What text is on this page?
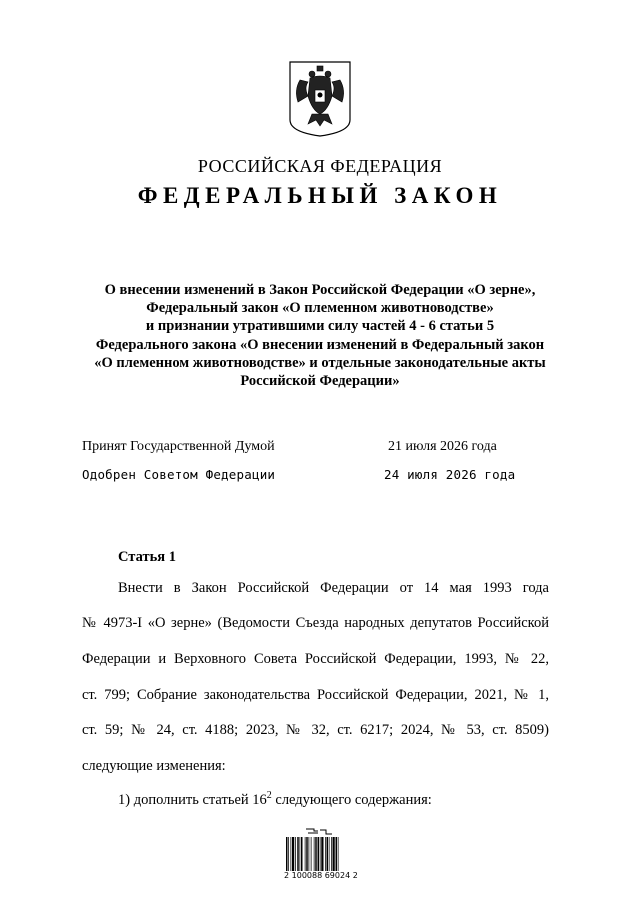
РОССИЙСКАЯ ФЕДЕРАЦИЯ
ФЕДЕРАЛЬНЫЙ ЗАКОН
О внесении изменений в Закон Российской Федерации «О зерне»,
Федеральный закон «О племенном животноводстве»
и признании утратившими силу частей 4 - 6 статьи 5
Федерального закона «О внесении изменений в Федеральный закон
«О племенном животноводстве» и отдельные законодательные акты
Российской Федерации»
Принят Государственной Думой	21 июля 2026 года
Одобрен Советом Федерации	24 июля 2026 года
Статья 1
Внести в Закон Российской Федерации от 14 мая 1993 года
№ 4973-I «О зерне» (Ведомости Съезда народных депутатов Российской
Федерации и Верховного Совета Российской Федерации, 1993, № 22,
ст. 799; Собрание законодательства Российской Федерации, 2021, № 1,
ст. 59; № 24, ст. 4188; 2023, № 32, ст. 6217; 2024, № 53, ст. 8509)
следующие изменения:
1) дополнить статьей $16^2$ следующего содержания:
2 100088 69024 2
